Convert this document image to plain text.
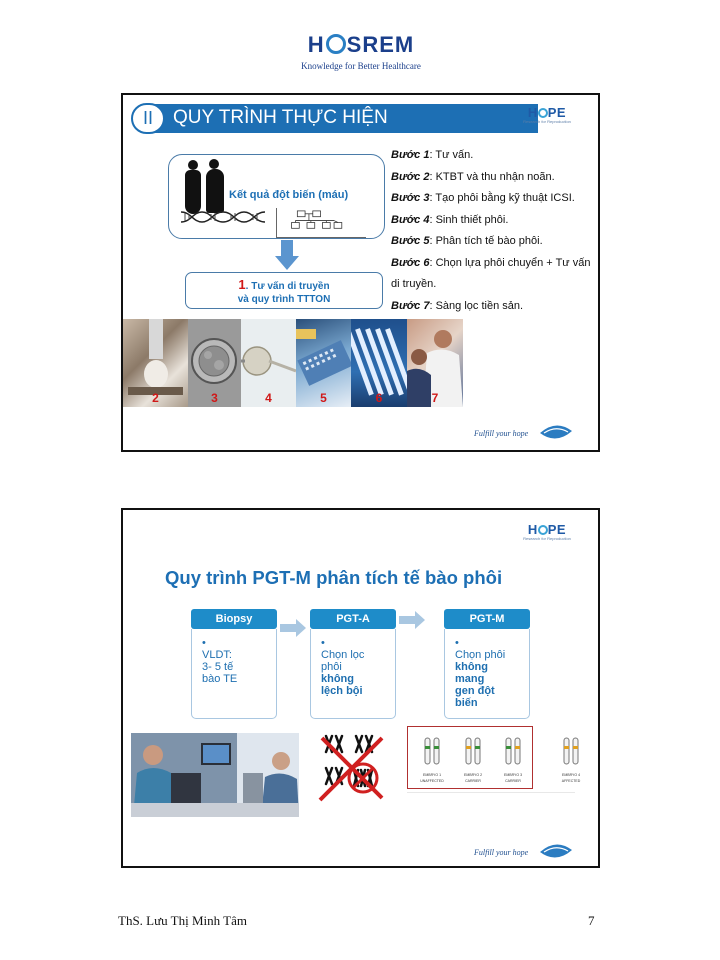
H SREM
Knowledge for Better Healthcare
II	QUY TRÌNH THỰC HIỆN	H PE
Research for Reproduction
Kết quả đột biến (máu)
1. Tư vấn di truyền
và quy trình TTTON
Bước 1: Tư vấn.
Bước 2: KTBT và thu nhận noãn.
Bước 3: Tạo phôi bằng kỹ thuật ICSI.
Bước 4: Sinh thiết phôi.
Bước 5: Phân tích tế bào phôi.
Bước 6: Chọn lựa phôi chuyển + Tư vấn di truyền.
Bước 7: Sàng lọc tiền sản.
2	3	4	5	6	7
Fulfill your hope
H PE
Research for Reproduction
Quy trình PGT-M phân tích tế bào phôi
Biopsy
•VLDT:
3- 5 tế
bào TE
PGT-A
•Chọn lọc
phôi
không
lệch bội
PGT-M
•Chọn phôi
không
mang
gen đột
biến
EMBRYO 1
UNAFFECTED
EMBRYO 2
CARRIER
EMBRYO 3
CARRIER
EMBRYO 4
AFFECTED
Fulfill your hope
ThS. Lưu Thị Minh Tâm	7
